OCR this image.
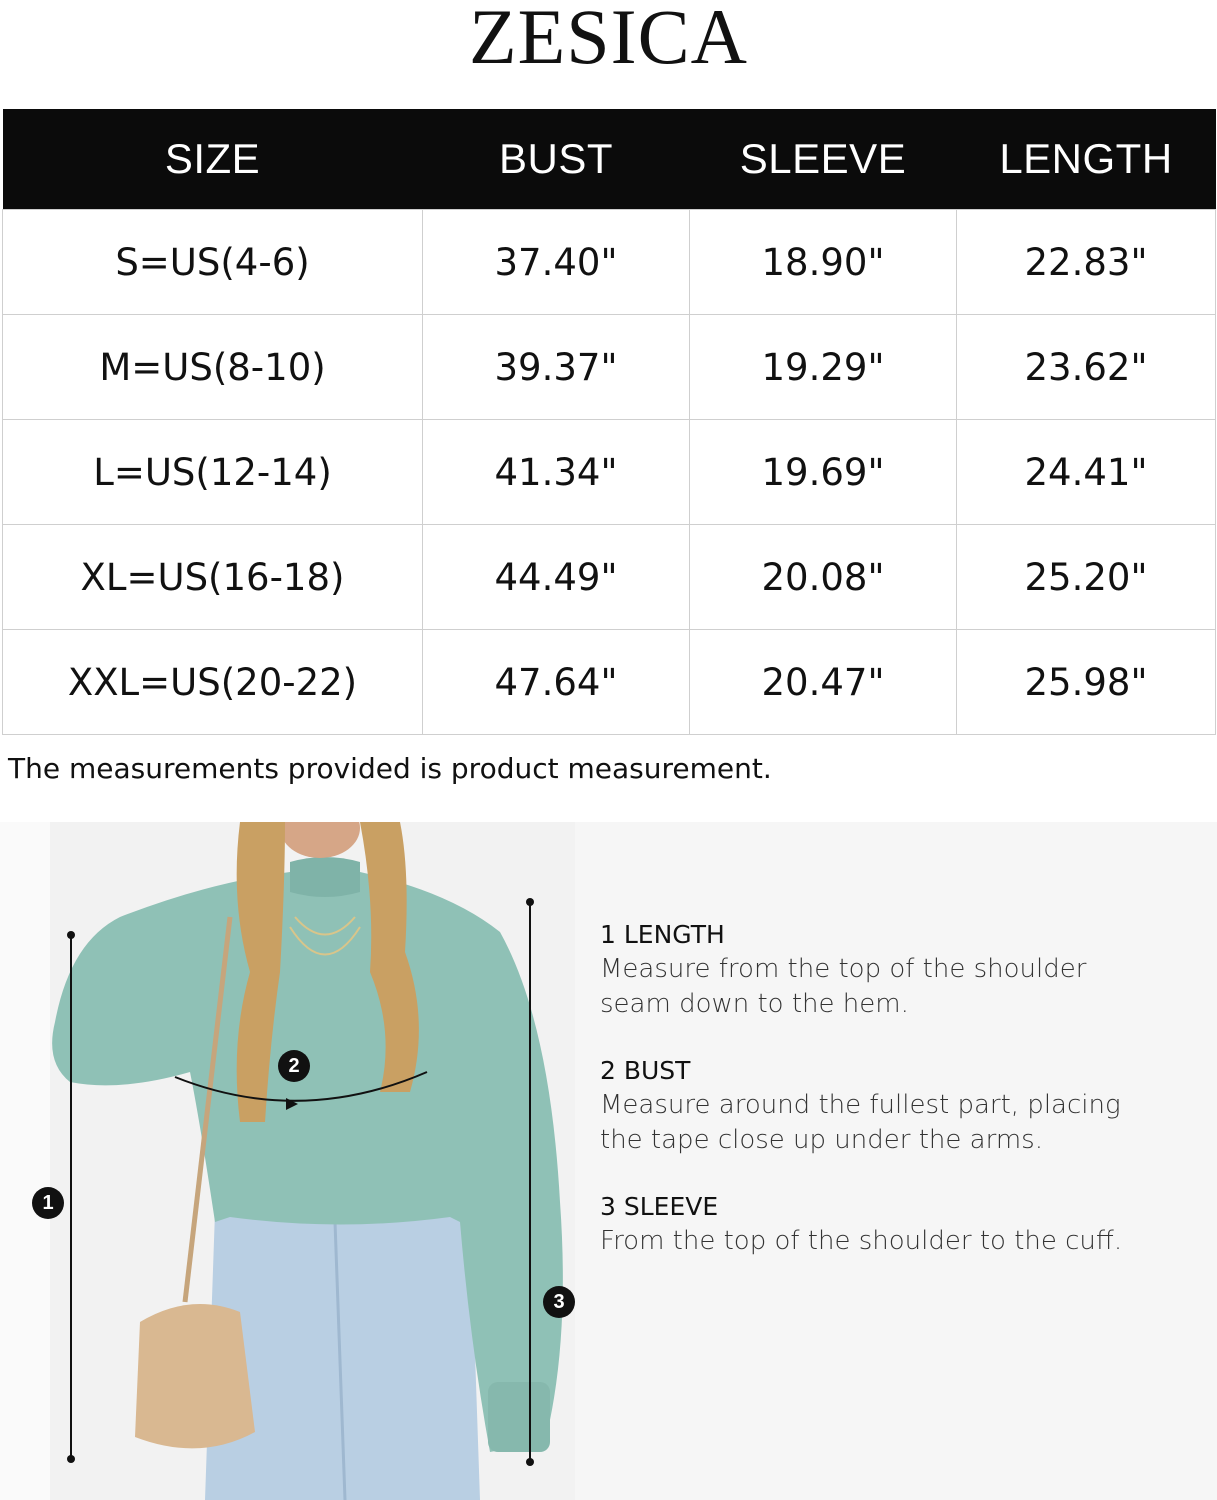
ZESICA
SIZE	BUST	SLEEVE	LENGTH
S=US(4-6)	37.40"	18.90"	22.83"
M=US(8-10)	39.37"	19.29"	23.62"
L=US(12-14)	41.34"	19.69"	24.41"
XL=US(16-18)	44.49"	20.08"	25.20"
XXL=US(20-22)	47.64"	20.47"	25.98"
The measurements provided is product measurement.
1
2
3
1 LENGTH
Measure from the top of the shoulder
seam down to the hem.
2 BUST
Measure around the fullest part, placing
the tape close up under the arms.
3 SLEEVE
From the top of the shoulder to the cuff.
